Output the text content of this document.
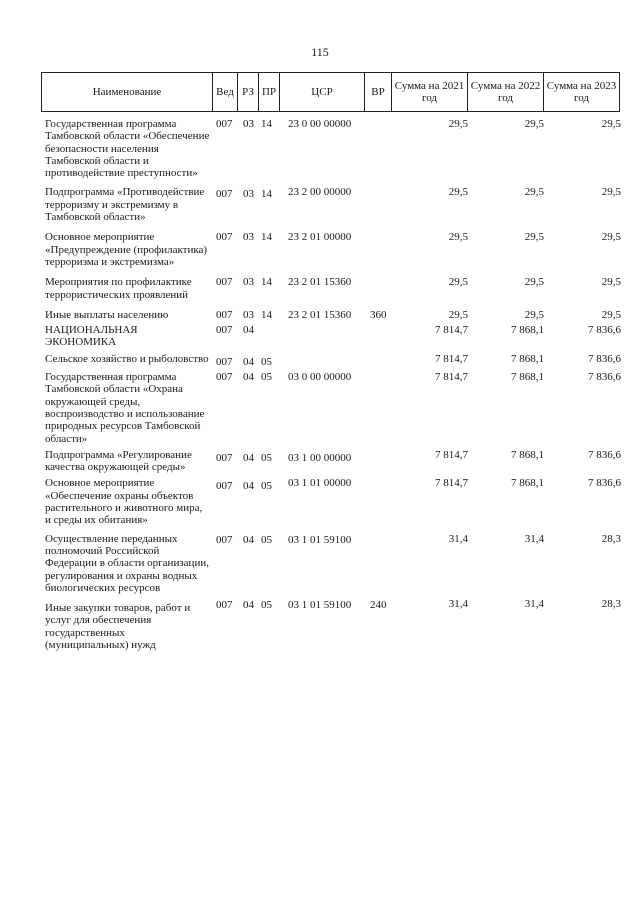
115
Наименование	Вед	РЗ	ПР	ЦСР	ВР	Сумма на 2021 год	Сумма на 2022 год	Сумма на 2023 год
Государственная программа Тамбовской области «Обеспечение безопасности населения Тамбовской области и противодействие преступности»
007 03 14 23 0 00 00000	29,5	29,5	29,5
Подпрограмма «Противодействие терроризму и экстремизму в Тамбовской области»
007 03 14 23 2 00 00000	29,5	29,5	29,5
Основное мероприятие «Предупреждение (профилактика) терроризма и экстремизма»
007 03 14 23 2 01 00000	29,5	29,5	29,5
Мероприятия по профилактике террористических проявлений
007 03 14 23 2 01 15360	29,5	29,5	29,5
Иные выплаты населению	007 03 14 23 2 01 15360 360	29,5	29,5	29,5
НАЦИОНАЛЬНАЯ ЭКОНОМИКА
007 04	7 814,7	7 868,1	7 836,6
Сельское хозяйство и рыболовство 007 04 05	7 814,7	7 868,1	7 836,6
Государственная программа Тамбовской области «Охрана окружающей среды, воспроизводство и использование природных ресурсов Тамбовской области»
007 04 05 03 0 00 00000	7 814,7	7 868,1	7 836,6
Подпрограмма «Регулирование качества окружающей среды»
007 04 05 03 1 00 00000	7 814,7	7 868,1	7 836,6
Основное мероприятие «Обеспечение охраны объектов растительного и животного мира, и среды их обитания»
007 04 05 03 1 01 00000	7 814,7	7 868,1	7 836,6
Осуществление переданных полномочий Российской Федерации в области организации, регулирования и охраны водных биологических ресурсов
007 04 05 03 1 01 59100	31,4	31,4	28,3
Иные закупки товаров, работ и услуг для обеспечения государственных (муниципальных) нужд
007 04 05 03 1 01 59100 240	31,4	31,4	28,3
